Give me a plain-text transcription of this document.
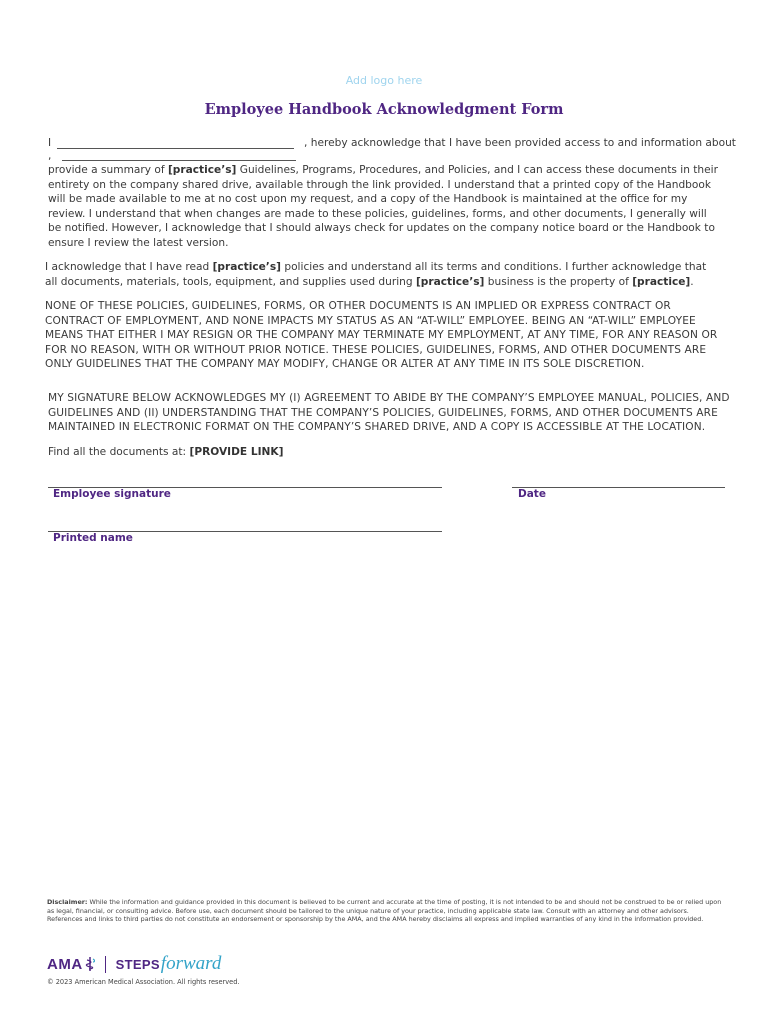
Add logo here
Employee Handbook Acknowledgment Form
I	, hereby acknowledge that I have been provided access to and information about
,

provide a summary of [practice’s] Guidelines, Programs, Procedures, and Policies, and I can access these documents in their entirety on the company shared drive, available through the link provided. I understand that a printed copy of the Handbook will be made available to me at no cost upon my request, and a copy of the Handbook is maintained at the office for my review. I understand that when changes are made to these policies, guidelines, forms, and other documents, I generally will be notified. However, I acknowledge that I should always check for updates on the company notice board or the Handbook to ensure I review the latest version.

I acknowledge that I have read [practice’s] policies and understand all its terms and conditions. I further acknowledge that all documents, materials, tools, equipment, and supplies used during [practice’s] business is the property of [practice].

NONE OF THESE POLICIES, GUIDELINES, FORMS, OR OTHER DOCUMENTS IS AN IMPLIED OR EXPRESS CONTRACT OR CONTRACT OF EMPLOYMENT, AND NONE IMPACTS MY STATUS AS AN “AT-WILL” EMPLOYEE. BEING AN “AT-WILL” EMPLOYEE MEANS THAT EITHER I MAY RESIGN OR THE COMPANY MAY TERMINATE MY EMPLOYMENT, AT ANY TIME, FOR ANY REASON OR FOR NO REASON, WITH OR WITHOUT PRIOR NOTICE. THESE POLICIES, GUIDELINES, FORMS, AND OTHER DOCUMENTS ARE ONLY GUIDELINES THAT THE COMPANY MAY MODIFY, CHANGE OR ALTER AT ANY TIME IN ITS SOLE DISCRETION.

MY SIGNATURE BELOW ACKNOWLEDGES MY (I) AGREEMENT TO ABIDE BY THE COMPANY’S EMPLOYEE MANUAL, POLICIES, AND GUIDELINES AND (II) UNDERSTANDING THAT THE COMPANY’S POLICIES, GUIDELINES, FORMS, AND OTHER DOCUMENTS ARE MAINTAINED IN ELECTRONIC FORMAT ON THE COMPANY’S SHARED DRIVE, AND A COPY IS ACCESSIBLE AT THE LOCATION.

Find all the documents at: [PROVIDE LINK]

Employee signature	Date
Printed name

Disclaimer: While the information and guidance provided in this document is believed to be current and accurate at the time of posting, it is not intended to be and should not be construed to be or relied upon as legal, financial, or consulting advice. Before use, each document should be tailored to the unique nature of your practice, including applicable state law. Consult with an attorney and other advisors. References and links to third parties do not constitute an endorsement or sponsorship by the AMA, and the AMA hereby disclaims all express and implied warranties of any kind in the information provided.

AMA	STEPS forward
© 2023 American Medical Association. All rights reserved.
